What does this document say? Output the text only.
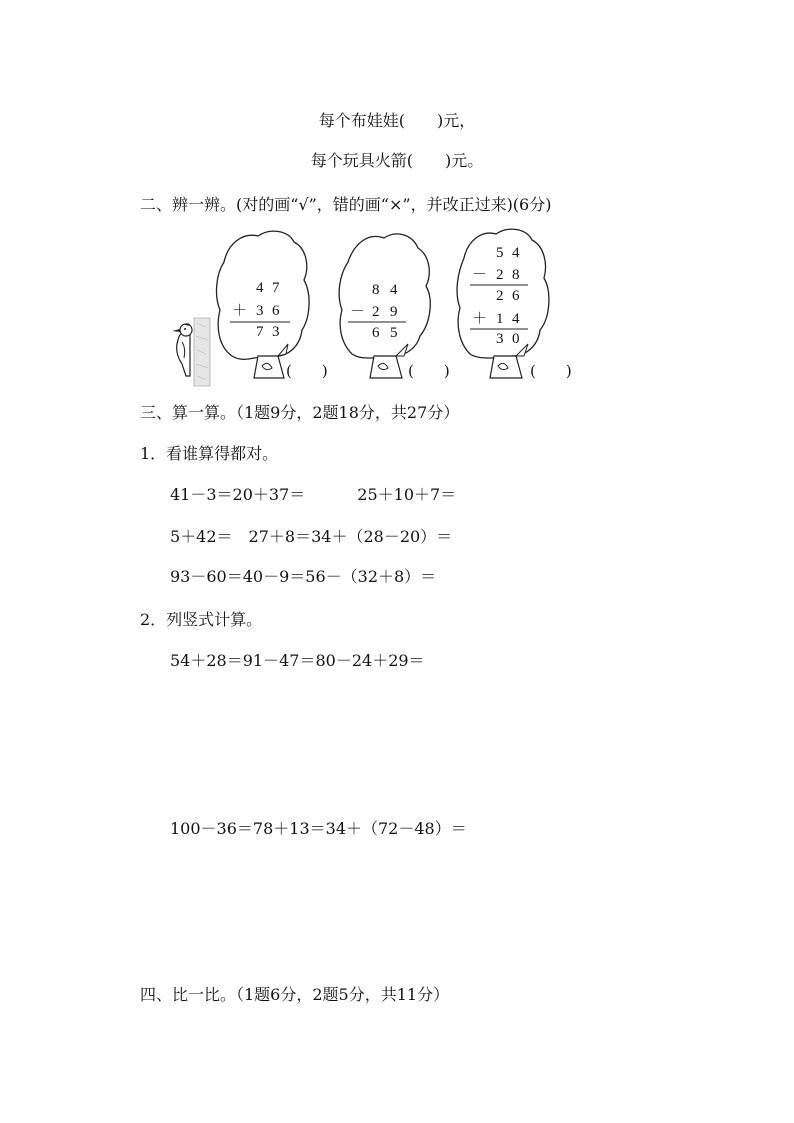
每个布娃娃(　　)元，
每个玩具火箭(　　)元。
二、辨一辨。(对的画“√”，错的画“×”，并改正过来)(6分)
4 7
＋ 3 6
7 3
(　　)
8 4
－ 2 9
6 5
(　　)
5 4
－ 2 8
2 6
＋ 1 4
3 0
(　　)
三、算一算。（1题9分，2题18分，共27分）
1．看谁算得都对。
41－3＝20＋37＝	25＋10＋7＝
5＋42＝ 27＋8＝34＋（28－20）＝
93－60＝40－9＝56－（32＋8）＝
2．列竖式计算。
54＋28＝91－47＝80－24＋29＝
100－36＝78＋13＝34＋（72－48）＝
四、比一比。（1题6分，2题5分，共11分）
